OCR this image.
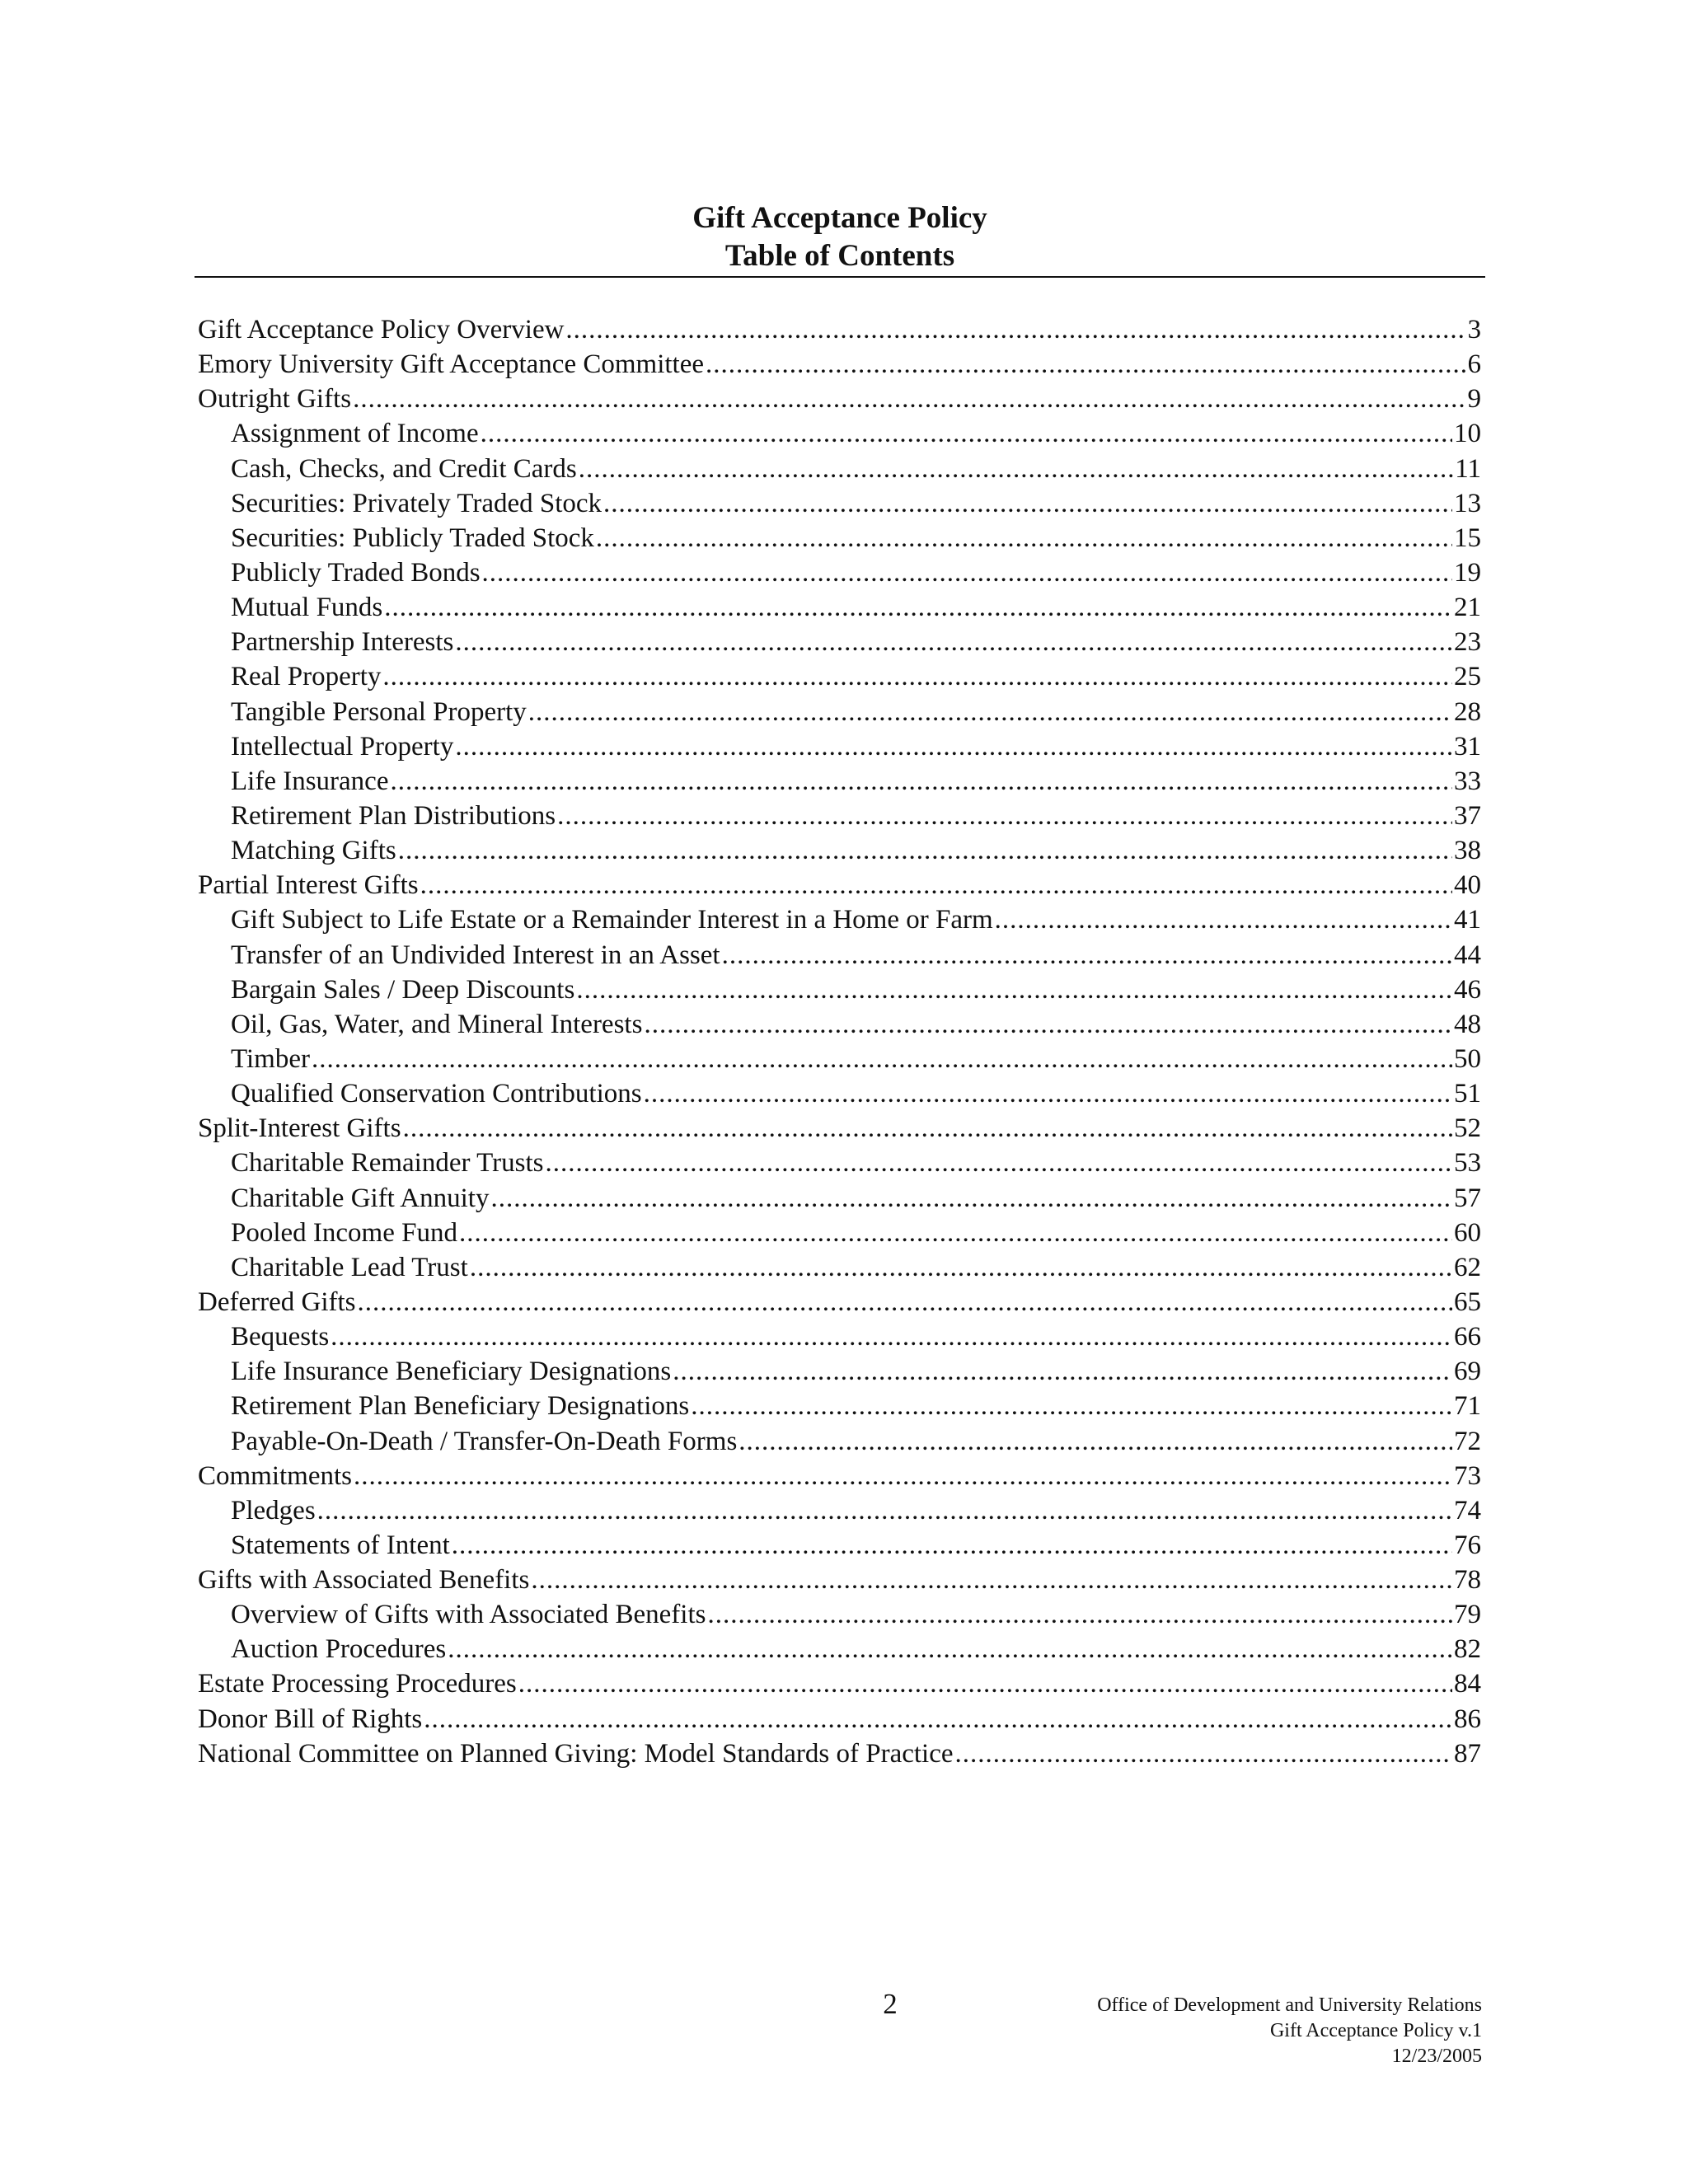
Gift Acceptance Policy
Table of Contents
Gift Acceptance Policy Overview .....	3
Emory University Gift Acceptance Committee .....	6
Outright Gifts .....	9
Assignment of Income .....	10
Cash, Checks, and Credit Cards .....	11
Securities: Privately Traded Stock .....	13
Securities: Publicly Traded Stock .....	15
Publicly Traded Bonds .....	19
Mutual Funds .....	21
Partnership Interests .....	23
Real Property .....	25
Tangible Personal Property .....	28
Intellectual Property .....	31
Life Insurance .....	33
Retirement Plan Distributions .....	37
Matching Gifts .....	38
Partial Interest Gifts .....	40
Gift Subject to Life Estate or a Remainder Interest in a Home or Farm .....	41
Transfer of an Undivided Interest in an Asset .....	44
Bargain Sales / Deep Discounts .....	46
Oil, Gas, Water, and Mineral Interests .....	48
Timber .....	50
Qualified Conservation Contributions .....	51
Split-Interest Gifts .....	52
Charitable Remainder Trusts .....	53
Charitable Gift Annuity .....	57
Pooled Income Fund .....	60
Charitable Lead Trust .....	62
Deferred Gifts .....	65
Bequests .....	66
Life Insurance Beneficiary Designations .....	69
Retirement Plan Beneficiary Designations .....	71
Payable-On-Death / Transfer-On-Death Forms .....	72
Commitments .....	73
Pledges .....	74
Statements of Intent .....	76
Gifts with Associated Benefits .....	78
Overview of Gifts with Associated Benefits .....	79
Auction Procedures .....	82
Estate Processing Procedures .....	84
Donor Bill of Rights .....	86
National Committee on Planned Giving: Model Standards of Practice .....	87
2	Office of Development and University Relations
Gift Acceptance Policy v.1
12/23/2005
